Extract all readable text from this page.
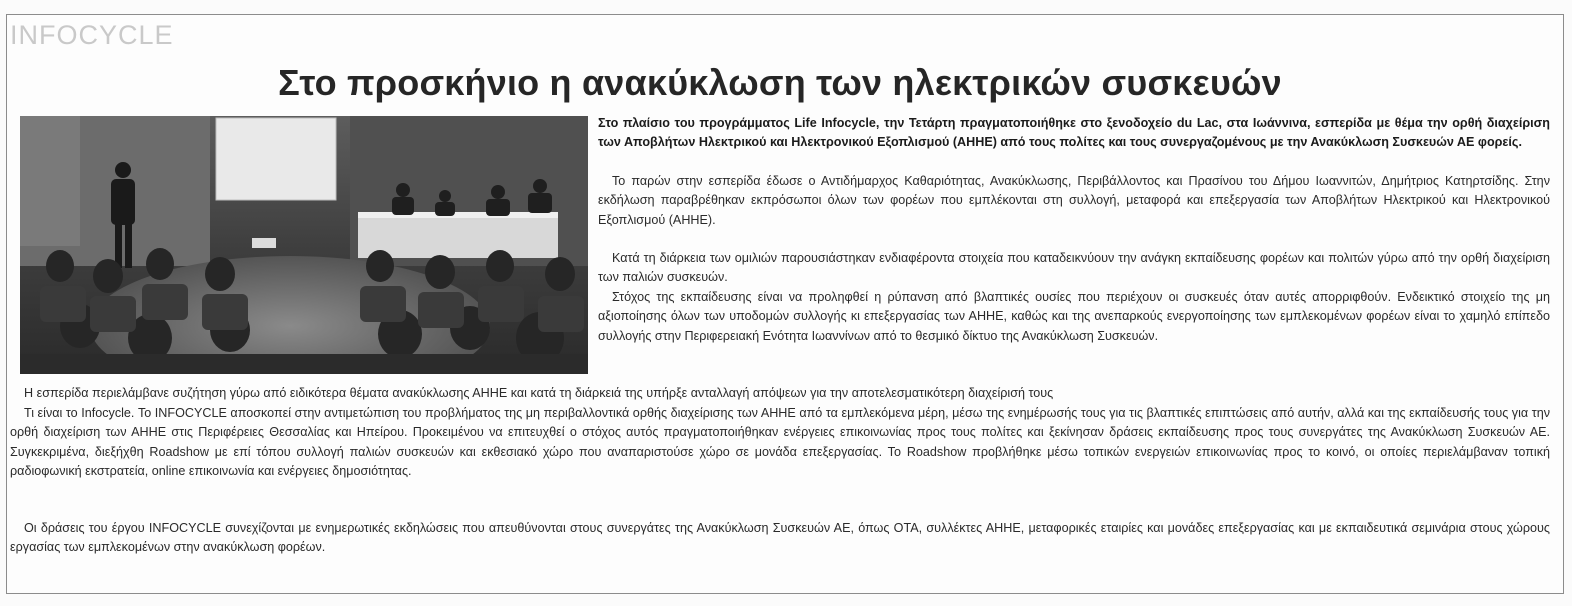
INFOCYCLE
Στο προσκήνιο η ανακύκλωση των ηλεκτρικών συσκευών
Στο πλαίσιο του προγράμματος Life Infocycle, την Τετάρτη πραγματοποιήθηκε στο ξενοδοχείο du Lac, στα Ιωάννινα, εσπερίδα με θέμα την ορθή διαχείριση των Αποβλήτων Ηλεκτρικού και Ηλεκτρονικού Εξοπλισμού (ΑΗΗΕ) από τους πολίτες και τους συνεργαζομένους με την Ανακύκλωση Συσκευών ΑΕ φορείς.
Το παρών στην εσπερίδα έδωσε ο Αντιδήμαρχος Καθαριότητας, Ανακύκλωσης, Περιβάλλοντος και Πρασίνου του Δήμου Ιωαννιτών, Δημήτριος Κατηρτσίδης. Στην εκδήλωση παραβρέθηκαν εκπρόσωποι όλων των φορέων που εμπλέκονται στη συλλογή, μεταφορά και επεξεργασία των Αποβλήτων Ηλεκτρικού και Ηλεκτρονικού Εξοπλισμού (ΑΗΗΕ).
Κατά τη διάρκεια των ομιλιών παρουσιάστηκαν ενδιαφέροντα στοιχεία που καταδεικνύουν την ανάγκη εκπαίδευσης φορέων και πολιτών γύρω από την ορθή διαχείριση των παλιών συσκευών.
Στόχος της εκπαίδευσης είναι να προληφθεί η ρύπανση από βλαπτικές ουσίες που περιέχουν οι συσκευές όταν αυτές απορριφθούν. Ενδεικτικό στοιχείο της μη αξιοποίησης όλων των υποδομών συλλογής κι επεξεργασίας των ΑΗΗΕ, καθώς και της ανεπαρκούς ενεργοποίησης των εμπλεκομένων φορέων είναι το χαμηλό επίπεδο συλλογής στην Περιφερειακή Ενότητα Ιωαννίνων από το θεσμικό δίκτυο της Ανακύκλωση Συσκευών.
Η εσπερίδα περιελάμβανε συζήτηση γύρω από ειδικότερα θέματα ανακύκλωσης ΑΗΗΕ και κατά τη διάρκειά της υπήρξε ανταλλαγή απόψεων για την αποτελεσματικότερη διαχείρισή τους
Τι είναι το Infocycle. Το INFOCYCLE αποσκοπεί στην αντιμετώπιση του προβλήματος της μη περιβαλλοντικά ορθής διαχείρισης των ΑΗΗΕ από τα εμπλεκόμενα μέρη, μέσω της ενημέρωσής τους για τις βλαπτικές επιπτώσεις από αυτήν, αλλά και της εκπαίδευσής τους για την ορθή διαχείριση των ΑΗΗΕ στις Περιφέρειες Θεσσαλίας και Ηπείρου. Προκειμένου να επιτευχθεί ο στόχος αυτός πραγματοποιήθηκαν ενέργειες επικοινωνίας προς τους πολίτες και ξεκίνησαν δράσεις εκπαίδευσης προς τους συνεργάτες της Ανακύκλωση Συσκευών ΑΕ. Συγκεκριμένα, διεξήχθη Roadshow με επί τόπου συλλογή παλιών συσκευών και εκθεσιακό χώρο που αναπαριστούσε χώρο σε μονάδα επεξεργασίας. Το Roadshow προβλήθηκε μέσω τοπικών ενεργειών επικοινωνίας προς το κοινό, οι οποίες περιελάμβαναν τοπική ραδιοφωνική εκστρατεία, online επικοινωνία και ενέργειες δημοσιότητας.
Οι δράσεις του έργου INFOCYCLE συνεχίζονται με ενημερωτικές εκδηλώσεις που απευθύνονται στους συνεργάτες της Ανακύκλωση Συσκευών ΑΕ, όπως ΟΤΑ, συλλέκτες ΑΗΗΕ, μεταφορικές εταιρίες και μονάδες επεξεργασίας και με εκπαιδευτικά σεμινάρια στους χώρους εργασίας των εμπλεκομένων στην ανακύκλωση φορέων.
